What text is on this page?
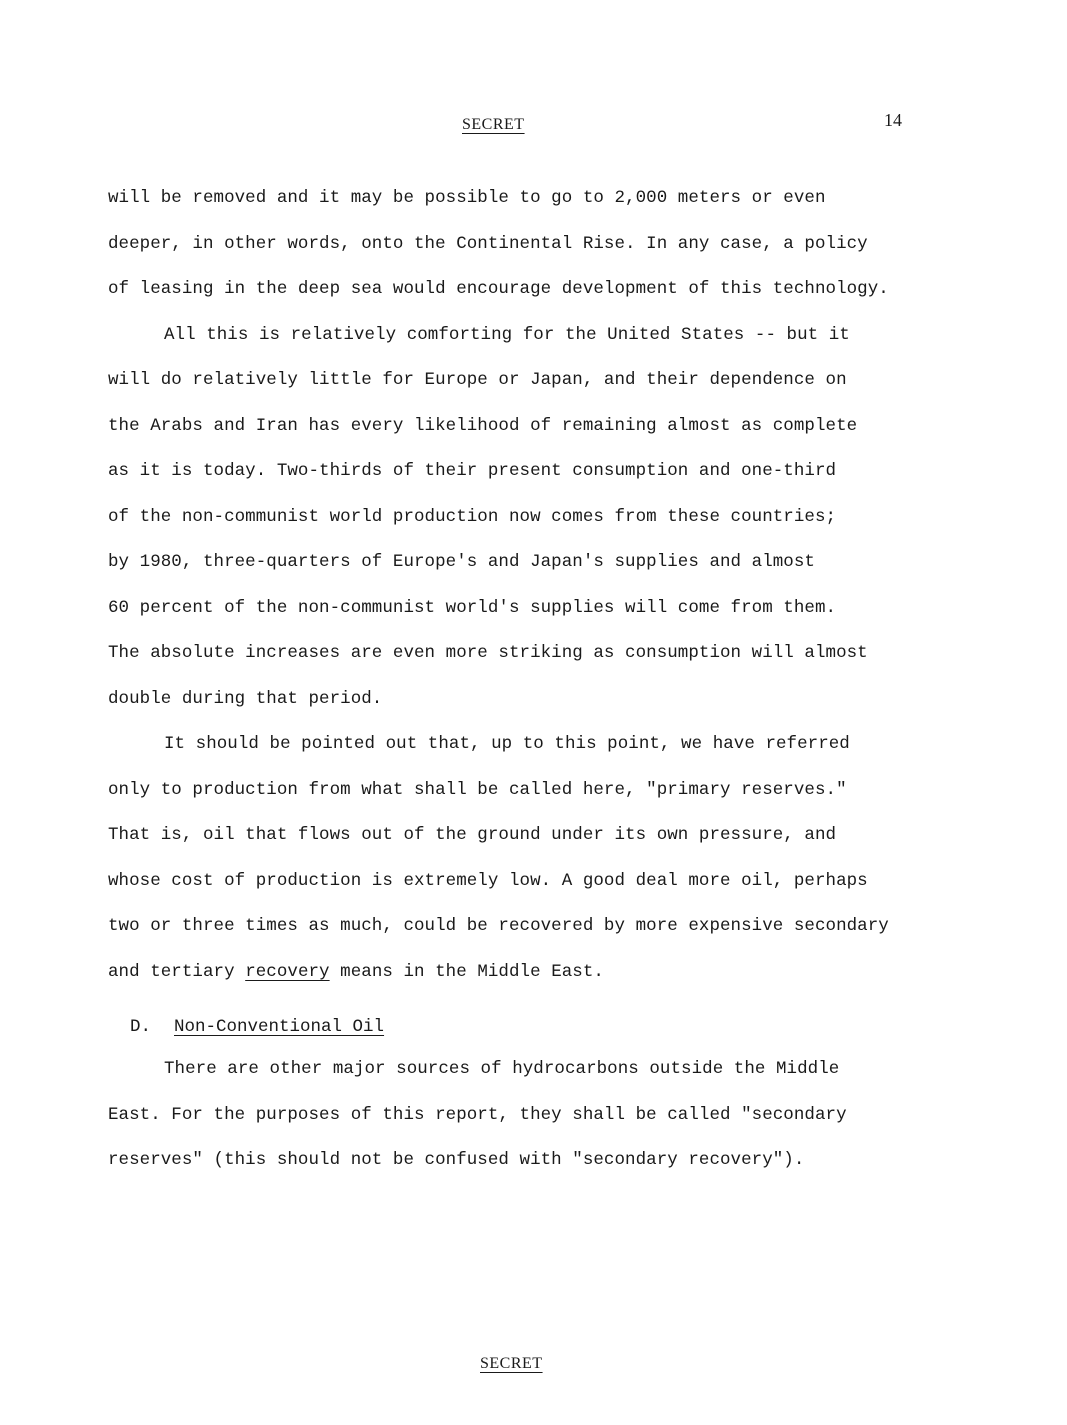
SECRET	14
will be removed and it may be possible to go to 2,000 meters or even
deeper, in other words, onto the Continental Rise. In any case, a policy
of leasing in the deep sea would encourage development of this technology.
All this is relatively comforting for the United States -- but it
will do relatively little for Europe or Japan, and their dependence on
the Arabs and Iran has every likelihood of remaining almost as complete
as it is today. Two-thirds of their present consumption and one-third
of the non-communist world production now comes from these countries;
by 1980, three-quarters of Europe's and Japan's supplies and almost
60 percent of the non-communist world's supplies will come from them.
The absolute increases are even more striking as consumption will almost
double during that period.
It should be pointed out that, up to this point, we have referred
only to production from what shall be called here, "primary reserves."
That is, oil that flows out of the ground under its own pressure, and
whose cost of production is extremely low. A good deal more oil, perhaps
two or three times as much, could be recovered by more expensive secondary
and tertiary recovery means in the Middle East.
D. Non-Conventional Oil
There are other major sources of hydrocarbons outside the Middle
East. For the purposes of this report, they shall be called "secondary
reserves" (this should not be confused with "secondary recovery").
SECRET
